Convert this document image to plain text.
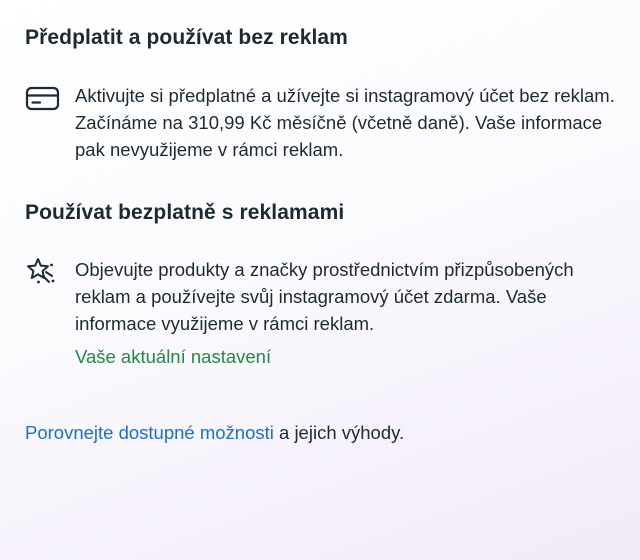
Předplatit a používat bez reklam
Aktivujte si předplatné a užívejte si instagramový účet bez reklam. Začínáme na 310,99 Kč měsíčně (včetně daně). Vaše informace pak nevyužijeme v rámci reklam.
Používat bezplatně s reklamami
Objevujte produkty a značky prostřednictvím přizpůsobených reklam a používejte svůj instagramový účet zdarma. Vaše informace využijeme v rámci reklam.
Vaše aktuální nastavení
Porovnejte dostupné možnosti a jejich výhody.
